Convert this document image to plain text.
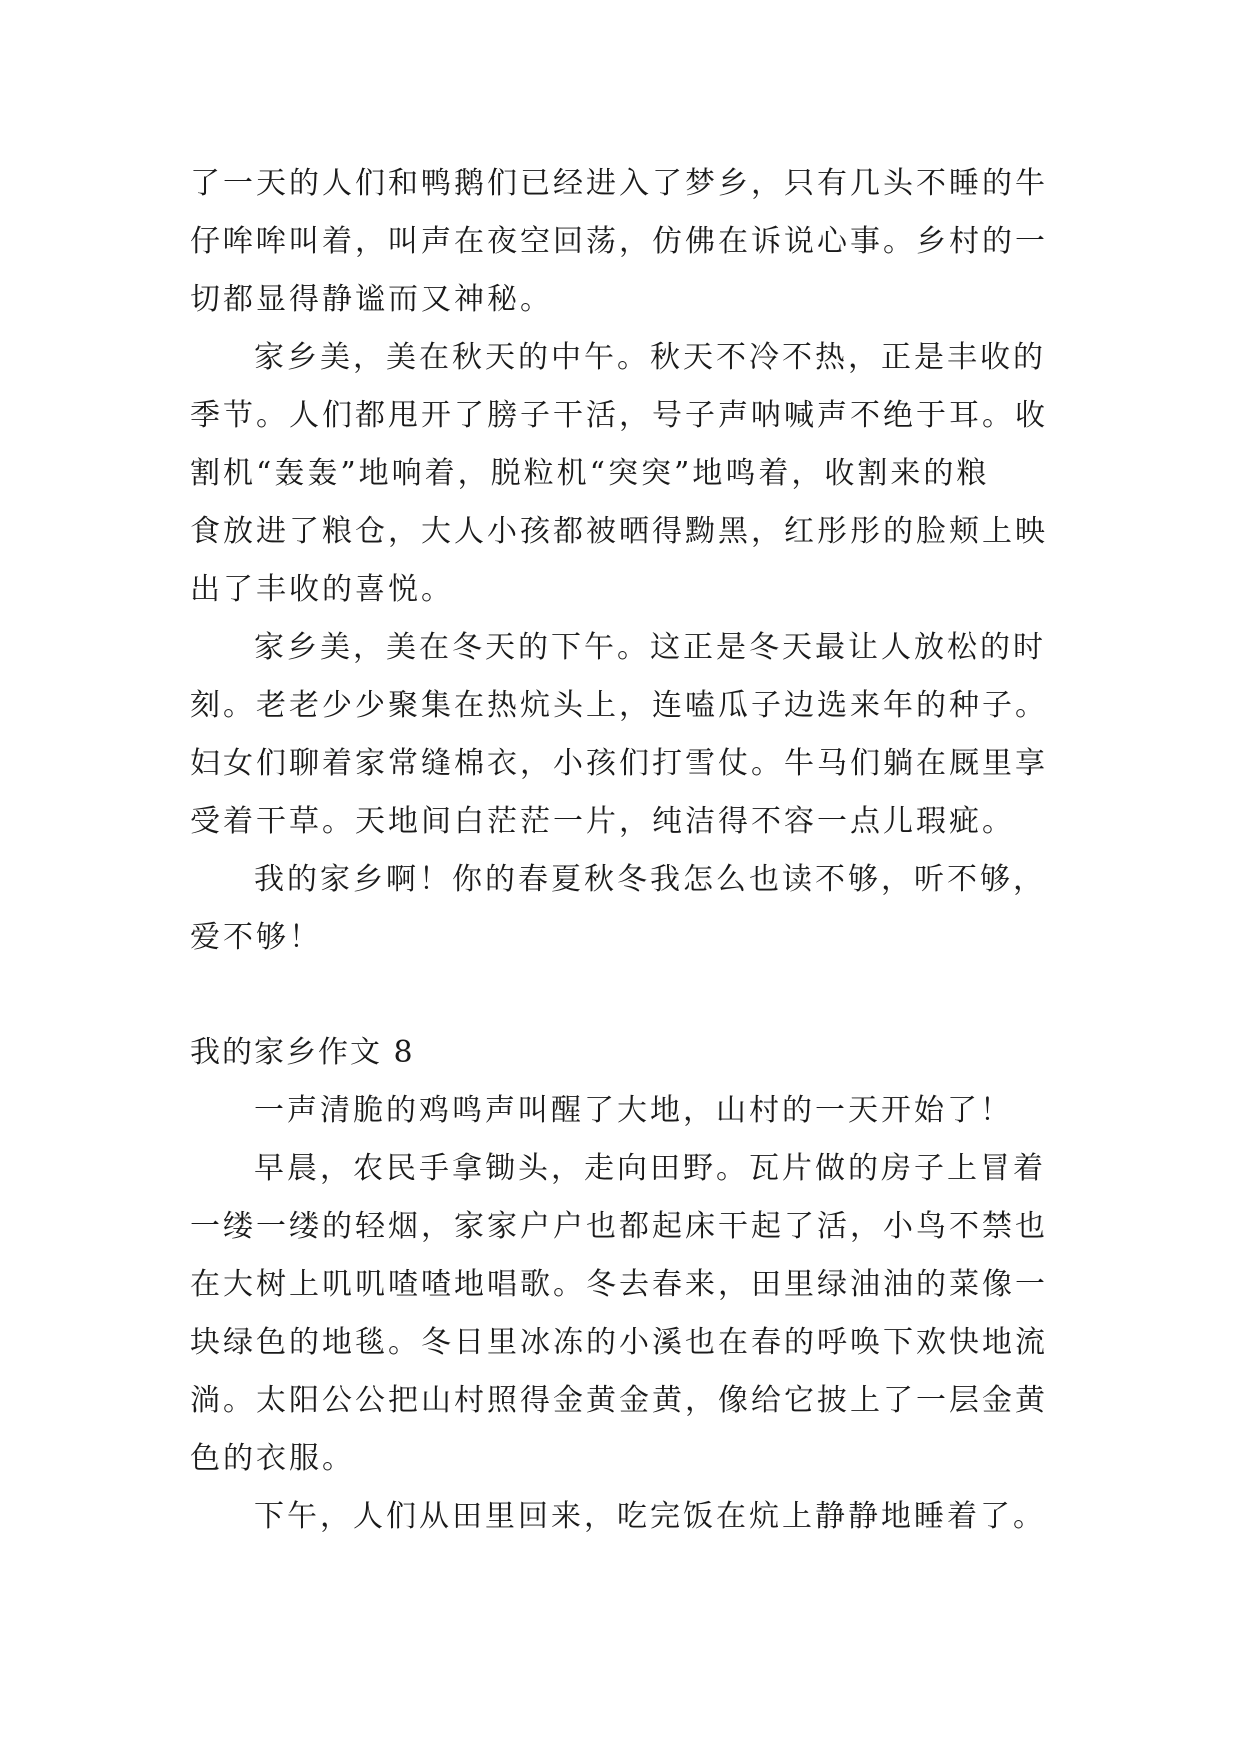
了一天的人们和鸭鹅们已经进入了梦乡，只有几头不睡的牛
仔哞哞叫着，叫声在夜空回荡，仿佛在诉说心事。乡村的一
切都显得静谧而又神秘。
家乡美，美在秋天的中午。秋天不冷不热，正是丰收的
季节。人们都甩开了膀子干活，号子声呐喊声不绝于耳。收
割机“轰轰”地响着，脱粒机“突突”地鸣着，收割来的粮
食放进了粮仓，大人小孩都被晒得黝黑，红彤彤的脸颊上映
出了丰收的喜悦。
家乡美，美在冬天的下午。这正是冬天最让人放松的时
刻。老老少少聚集在热炕头上，连嗑瓜子边选来年的种子。
妇女们聊着家常缝棉衣，小孩们打雪仗。牛马们躺在厩里享
受着干草。天地间白茫茫一片，纯洁得不容一点儿瑕疵。
我的家乡啊！你的春夏秋冬我怎么也读不够，听不够，
爱不够！
我的家乡作文 8
一声清脆的鸡鸣声叫醒了大地，山村的一天开始了！
早晨，农民手拿锄头，走向田野。瓦片做的房子上冒着
一缕一缕的轻烟，家家户户也都起床干起了活，小鸟不禁也
在大树上叽叽喳喳地唱歌。冬去春来，田里绿油油的菜像一
块绿色的地毯。冬日里冰冻的小溪也在春的呼唤下欢快地流
淌。太阳公公把山村照得金黄金黄，像给它披上了一层金黄
色的衣服。
下午，人们从田里回来，吃完饭在炕上静静地睡着了。
